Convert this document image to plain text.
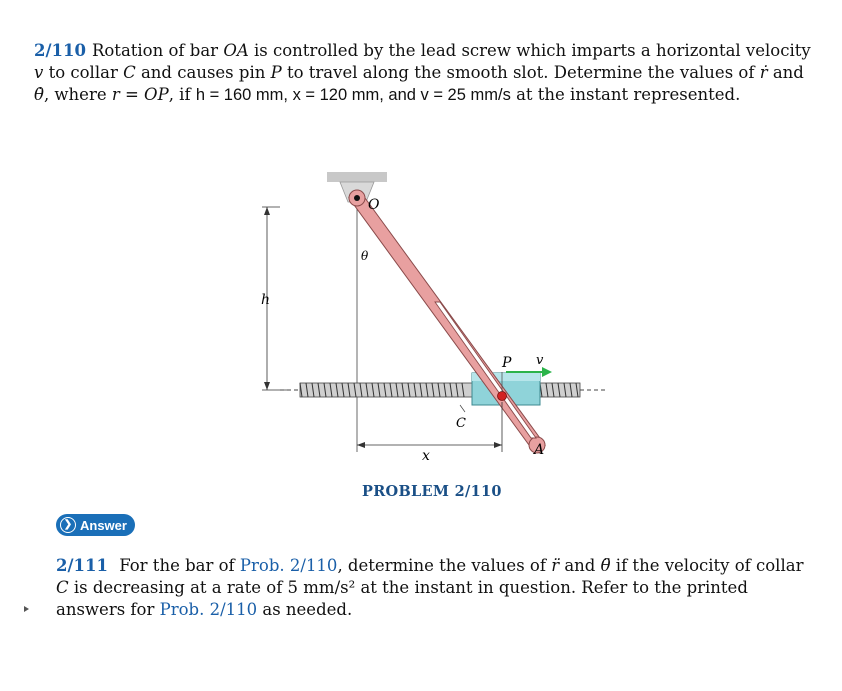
2/110 Rotation of bar OA is controlled by the lead screw which imparts a horizontal velocity v to collar C and causes pin P to travel along the smooth slot. Determine the values of ṙ and θ̇, where r = OP, if h = 160 mm, x = 120 mm, and v = 25 mm/s at the instant represented.
h
θ
O
P v
C
A
x
PROBLEM 2/110
❯ Answer
2/111 For the bar of Prob. 2/110, determine the values of r̈ and θ̈ if the velocity of collar C is decreasing at a rate of 5 mm/s² at the instant in question. Refer to the printed answers for Prob. 2/110 as needed.
